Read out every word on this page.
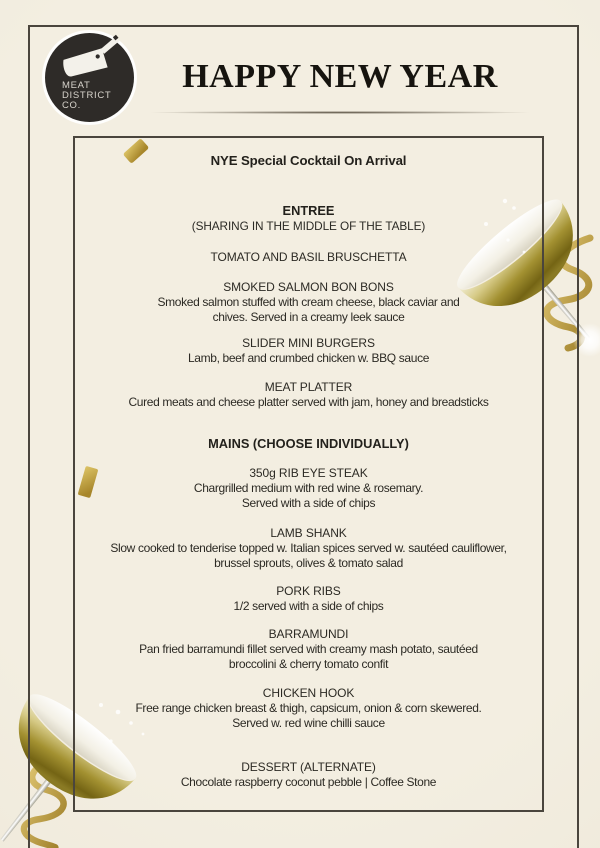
MEAT
DISTRICT
CO.
HAPPY NEW YEAR
NYE Special Cocktail On Arrival
ENTREE
(SHARING IN THE MIDDLE OF THE TABLE)
TOMATO AND BASIL BRUSCHETTA
SMOKED SALMON BON BONS
Smoked salmon stuffed with cream cheese, black caviar and
chives. Served in a creamy leek sauce
SLIDER MINI BURGERS
Lamb, beef and crumbed chicken w. BBQ sauce
MEAT PLATTER
Cured meats and cheese platter served with jam, honey and breadsticks
MAINS (CHOOSE INDIVIDUALLY)
350g RIB EYE STEAK
Chargrilled medium with red wine & rosemary.
Served with a side of chips
LAMB SHANK
Slow cooked to tenderise topped w. Italian spices served w. sautéed cauliflower,
brussel sprouts, olives & tomato salad
PORK RIBS
1/2 served with a side of chips
BARRAMUNDI
Pan fried barramundi fillet served with creamy mash potato, sautéed
broccolini & cherry tomato confit
CHICKEN HOOK
Free range chicken breast & thigh, capsicum, onion & corn skewered.
Served w. red wine chilli sauce
DESSERT (ALTERNATE)
Chocolate raspberry coconut pebble | Coffee Stone
